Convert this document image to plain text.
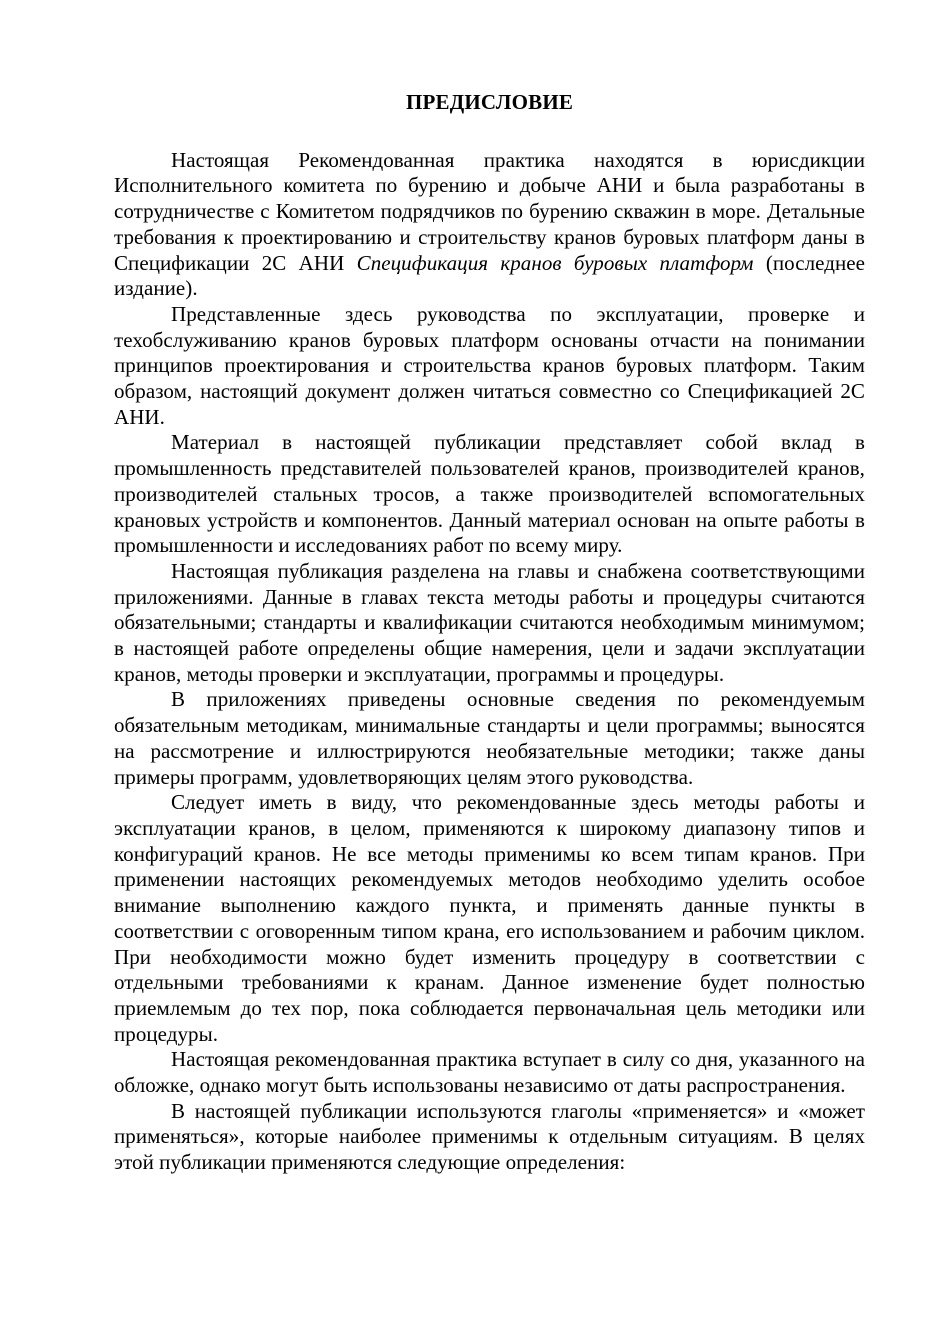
ПРЕДИСЛОВИЕ

Настоящая Рекомендованная практика находятся в юрисдикции Исполнительного комитета по бурению и добыче АНИ и была разработаны в сотрудничестве с Комитетом подрядчиков по бурению скважин в море. Детальные требования к проектированию и строительству кранов буровых платформ даны в Спецификации 2С АНИ Спецификация кранов буровых платформ (последнее издание).

Представленные здесь руководства по эксплуатации, проверке и техобслуживанию кранов буровых платформ основаны отчасти на понимании принципов проектирования и строительства кранов буровых платформ. Таким образом, настоящий документ должен читаться совместно со Спецификацией 2С АНИ.

Материал в настоящей публикации представляет собой вклад в промышленность представителей пользователей кранов, производителей кранов, производителей стальных тросов, а также производителей вспомогательных крановых устройств и компонентов. Данный материал основан на опыте работы в промышленности и исследованиях работ по всему миру.

Настоящая публикация разделена на главы и снабжена соответствующими приложениями. Данные в главах текста методы работы и процедуры считаются обязательными; стандарты и квалификации считаются необходимым минимумом; в настоящей работе определены общие намерения, цели и задачи эксплуатации кранов, методы проверки и эксплуатации, программы и процедуры.

В приложениях приведены основные сведения по рекомендуемым обязательным методикам, минимальные стандарты и цели программы; выносятся на рассмотрение и иллюстрируются необязательные методики; также даны примеры программ, удовлетворяющих целям этого руководства.

Следует иметь в виду, что рекомендованные здесь методы работы и эксплуатации кранов, в целом, применяются к широкому диапазону типов и конфигураций кранов. Не все методы применимы ко всем типам кранов. При применении настоящих рекомендуемых методов необходимо уделить особое внимание выполнению каждого пункта, и применять данные пункты в соответствии с оговоренным типом крана, его использованием и рабочим циклом. При необходимости можно будет изменить процедуру в соответствии с отдельными требованиями к кранам. Данное изменение будет полностью приемлемым до тех пор, пока соблюдается первоначальная цель методики или процедуры.

Настоящая рекомендованная практика вступает в силу со дня, указанного на обложке, однако могут быть использованы независимо от даты распространения.

В настоящей публикации используются глаголы «применяется» и «может применяться», которые наиболее применимы к отдельным ситуациям. В целях этой публикации применяются следующие определения:
